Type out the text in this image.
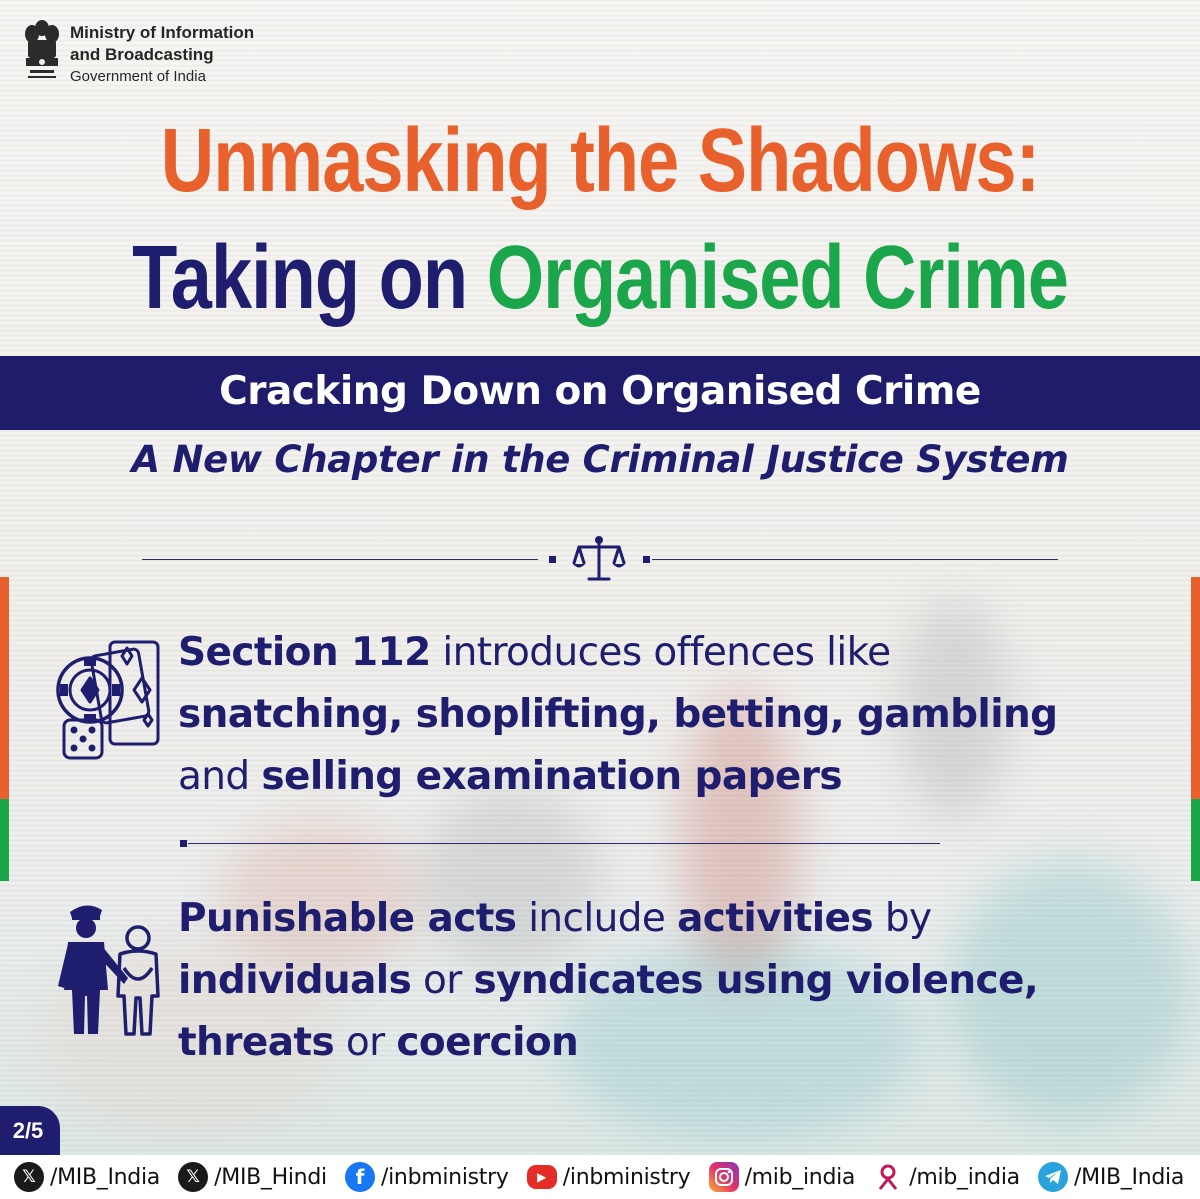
Ministry of Information
and Broadcasting
Government of India
Unmasking the Shadows:
Taking on Organised Crime
Cracking Down on Organised Crime
A New Chapter in the Criminal Justice System
Section 112 introduces offences like
snatching, shoplifting, betting, gambling
and selling examination papers
Punishable acts include activities by
individuals or syndicates using violence,
threats or coercion
2/5
𝕏 /MIB_India	𝕏 /MIB_Hindi	f /inbministry	▶ /inbministry /mib_india /mib_india /MIB_India
